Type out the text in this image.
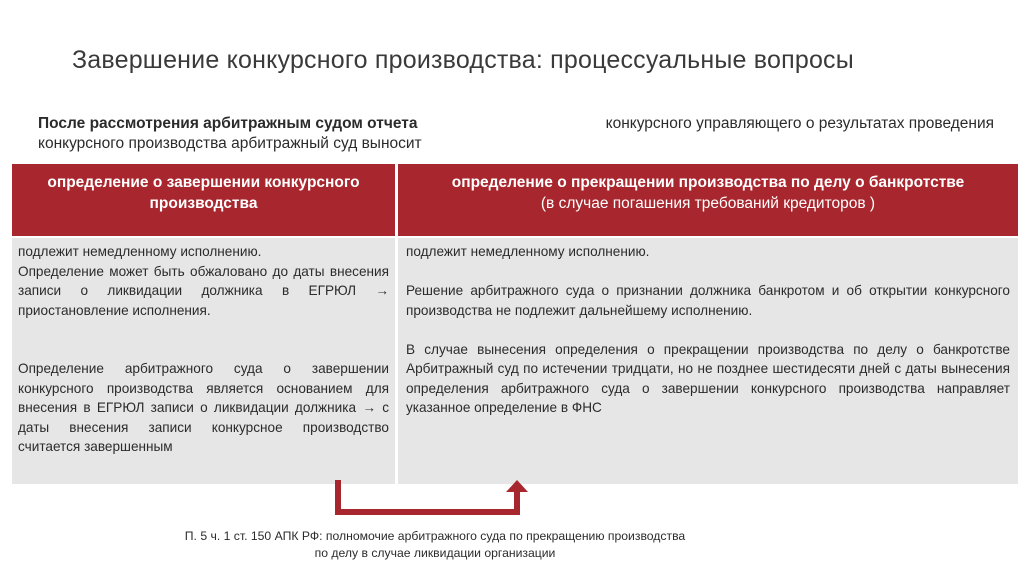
Завершение конкурсного производства: процессуальные вопросы
После рассмотрения арбитражным судом отчета	конкурсного управляющего о результатах проведения
конкурсного производства арбитражный суд выносит
определение о завершении конкурсного производства
определение о прекращении производства по делу о банкротстве
(в случае погашения требований кредиторов )

подлежит немедленному исполнению.

Определение может быть обжаловано до даты внесения записи о ликвидации должника в ЕГРЮЛ → приостановление исполнения.

Определение арбитражного суда о завершении конкурсного производства является основанием для внесения в ЕГРЮЛ записи о ликвидации должника → с даты внесения записи конкурсное производство считается завершенным

подлежит немедленному исполнению.

Решение арбитражного суда о признании должника банкротом и об открытии конкурсного производства не подлежит дальнейшему исполнению.

В случае вынесения определения о прекращении производства по делу о банкротстве Арбитражный суд по истечении тридцати, но не позднее шестидесяти дней с даты вынесения определения арбитражного суда о завершении конкурсного производства направляет указанное определение в ФНС

П. 5 ч. 1 ст. 150 АПК РФ: полномочие арбитражного суда по прекращению производства по делу в случае ликвидации организации
